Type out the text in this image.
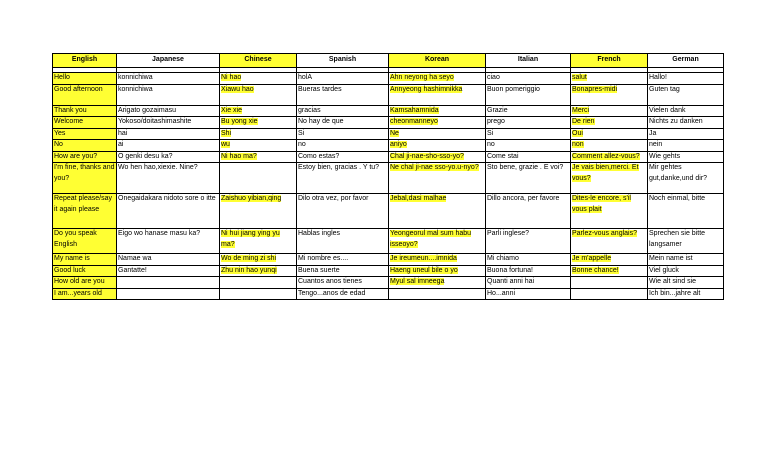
English	Japanese	Chinese	Spanish	Korean	Italian	French	German

Hello	konnichiwa	Ni hao	holA	Ahn neyong ha seyo	ciao	salut	Hallo!
Good afternoon	konnichiwa	Xiawu hao	Bueras tardes	Annyeong hashimnikka	Buon pomeriggio	Bonapres-midi	Guten tag
Thank you	Arigato gozaimasu	Xie xie	gracias	Kamsahamnida	Grazie	Merci	Vielen dank
Welcome	Yokoso/doitashimashite	Bu yong xie	No hay de que	cheonmanneyo	prego	De rien	Nichts zu danken
Yes	hai	Shi	Si	Ne	Si	Oui	Ja
No	ai	wu	no	aniyo	no	non	nein
How are you?	O genki desu ka?	Ni hao ma?	Como estas?	Chal ji-nae-sho-sso-yo?	Come stai	Comment allez-vous?	Wie gehts
I'm fine, thanks and you?	Wo hen hao,xiexie. Nine?		Estoy bien, gracias . Y tu?	Ne chal ji-nae sso-yo.u-nyo?	Sto bene, grazie . E voi?	Je vais bien,merci. Et vous?	Mir gehtes gut,danke,und dir?
Repeat please/say it again please	Onegaidakara nidoto sore o itte	Zaishuo yibian,qing	Dilo otra vez, por favor	Jebal,dasi malhae	Dillo ancora, per favore	Dites-le encore, s'il vous plait	Noch einmal, bitte
Do you speak English	Eigo wo hanase masu ka?	Ni hui jiang ying yu ma?	Hablas ingles	Yeongeorul mal sum habu isseoyo?	Parli inglese?	Parlez-vous anglais?	Sprechen sie bitte langsamer
My name is	Namae wa	Wo de ming zi shi	Mi nombre es....	Je ireumeun....imnida	Mi chiamo	Je m'appelle	Mein name ist
Good luck	Gantatte!	Zhu nin hao yunqi	Buena suerte	Haeng uneul bile o yo	Buona fortuna!	Bonne chance!	Viel gluck
How old are you			Cuantos anos tienes	Myul sal imneega	Quanti anni hai		Wie alt sind sie
I am...years old			Tengo...anos de edad		Ho...anni		Ich bin...jahre alt
